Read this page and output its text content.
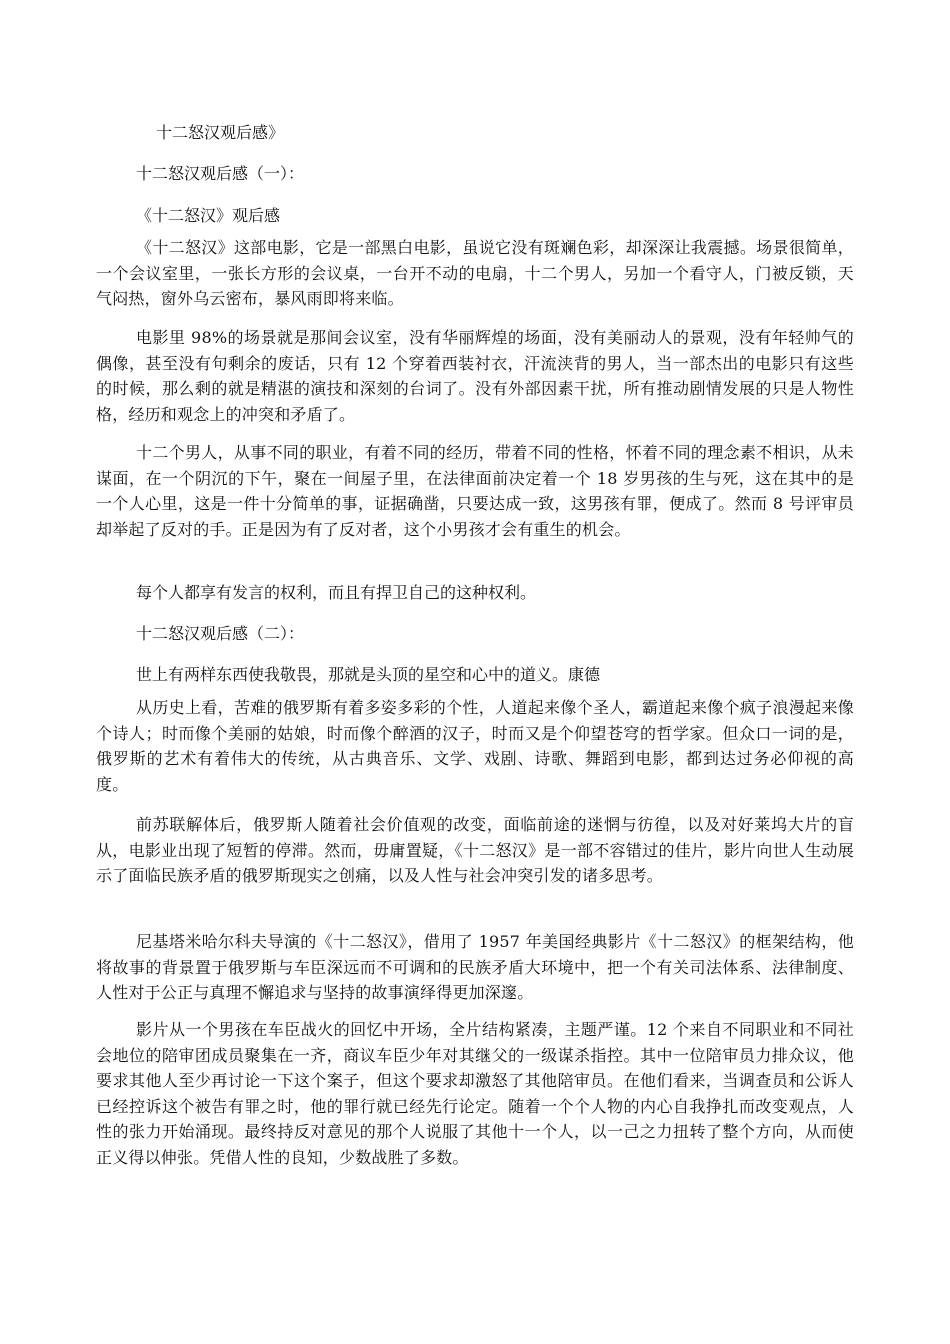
十二怒汉观后感》
十二怒汉观后感（一）：
《十二怒汉》观后感

《十二怒汉》这部电影，它是一部黑白电影，虽说它没有斑斓色彩，却深深让我震撼。场景很简单，一个会议室里，一张长方形的会议桌，一台开不动的电扇，十二个男人，另加一个看守人，门被反锁，天气闷热，窗外乌云密布，暴风雨即将来临。

电影里 98%的场景就是那间会议室，没有华丽辉煌的场面，没有美丽动人的景观，没有年轻帅气的偶像，甚至没有句剩余的废话，只有 12 个穿着西装衬衣，汗流浃背的男人，当一部杰出的电影只有这些的时候，那么剩的就是精湛的演技和深刻的台词了。没有外部因素干扰，所有推动剧情发展的只是人物性格，经历和观念上的冲突和矛盾了。

十二个男人，从事不同的职业，有着不同的经历，带着不同的性格，怀着不同的理念素不相识，从未谋面，在一个阴沉的下午，聚在一间屋子里，在法律面前决定着一个 18 岁男孩的生与死，这在其中的是一个人心里，这是一件十分简单的事，证据确凿，只要达成一致，这男孩有罪，便成了。然而 8 号评审员却举起了反对的手。正是因为有了反对者，这个小男孩才会有重生的机会。

每个人都享有发言的权利，而且有捍卫自己的这种权利。
十二怒汉观后感（二）：
世上有两样东西使我敬畏，那就是头顶的星空和心中的道义。康德

从历史上看，苦难的俄罗斯有着多姿多彩的个性，人道起来像个圣人，霸道起来像个疯子浪漫起来像个诗人；时而像个美丽的姑娘，时而像个醉酒的汉子，时而又是个仰望苍穹的哲学家。但众口一词的是，俄罗斯的艺术有着伟大的传统，从古典音乐、文学、戏剧、诗歌、舞蹈到电影，都到达过务必仰视的高度。

前苏联解体后，俄罗斯人随着社会价值观的改变，面临前途的迷惘与彷徨，以及对好莱坞大片的盲从，电影业出现了短暂的停滞。然而，毋庸置疑，《十二怒汉》是一部不容错过的佳片，影片向世人生动展示了面临民族矛盾的俄罗斯现实之创痛，以及人性与社会冲突引发的诸多思考。

尼基塔米哈尔科夫导演的《十二怒汉》，借用了 1957 年美国经典影片《十二怒汉》的框架结构，他将故事的背景置于俄罗斯与车臣深远而不可调和的民族矛盾大环境中，把一个有关司法体系、法律制度、人性对于公正与真理不懈追求与坚持的故事演绎得更加深邃。

影片从一个男孩在车臣战火的回忆中开场，全片结构紧凑，主题严谨。12 个来自不同职业和不同社会地位的陪审团成员聚集在一齐，商议车臣少年对其继父的一级谋杀指控。其中一位陪审员力排众议，他要求其他人至少再讨论一下这个案子，但这个要求却激怒了其他陪审员。在他们看来，当调查员和公诉人已经控诉这个被告有罪之时，他的罪行就已经先行论定。随着一个个人物的内心自我挣扎而改变观点，人性的张力开始涌现。最终持反对意见的那个人说服了其他十一个人，以一己之力扭转了整个方向，从而使正义得以伸张。凭借人性的良知，少数战胜了多数。
